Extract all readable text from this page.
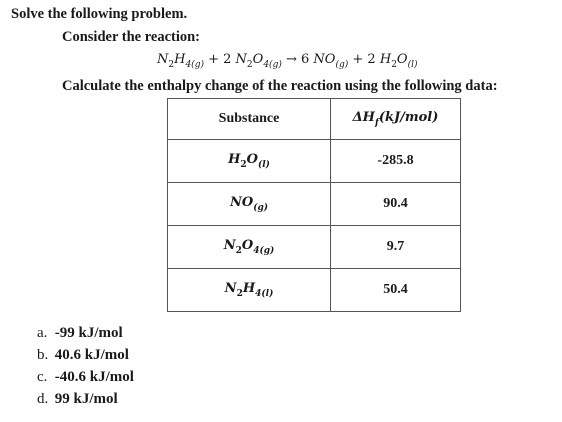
Solve the following problem.
Consider the reaction:
$N_2H_{4(g)} + 2$ $N_2O_{4(g)} \to 6$ $NO_{(g)} + 2$ $H_2O_{(l)}$
Calculate the enthalpy change of the reaction using the following data:
Substance	$\Delta H_f(kJ/mol)$
$H_2O_{(l)}$	-285.8
$NO_{(g)}$	90.4
$N_2O_{4(g)}$	9.7
$N_2H_{4(l)}$	50.4
a. -99 kJ/mol
b. 40.6 kJ/mol
c. -40.6 kJ/mol
d. 99 kJ/mol
